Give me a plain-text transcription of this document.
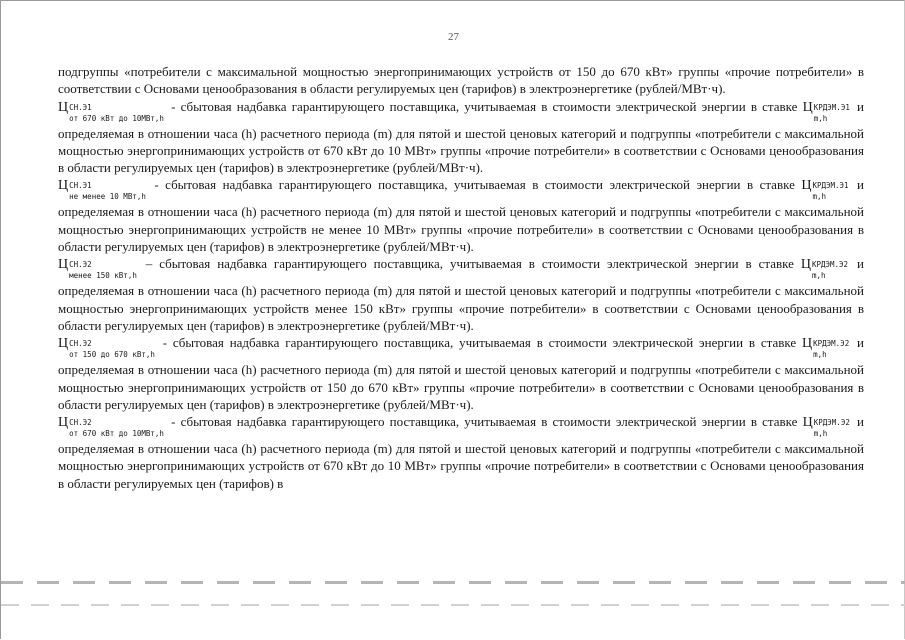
27

подгруппы «потребители с максимальной мощностью энергопринимающих устройств от 150 до 670 кВт» группы «прочие потребители» в соответствии с Основами ценообразования в области регулируемых цен (тарифов) в электроэнергетике (рублей/МВт·ч).

Ц СН.Э1
от 670 кВт до 10МВт,h
- сбытовая надбавка гарантирующего поставщика, учитываемая в стоимости электрической энергии в ставке Ц КРДЭМ.Э1
m,h
и определяемая в отношении часа (h) расчетного периода (m) для пятой и шестой ценовых категорий и подгруппы «потребители с максимальной мощностью энергопринимающих устройств от 670 кВт до 10 МВт» группы «прочие потребители» в соответствии с Основами ценообразования в области регулируемых цен (тарифов) в электроэнергетике (рублей/МВт·ч).

Ц СН.Э1
не менее 10 МВт,h
- сбытовая надбавка гарантирующего поставщика, учитываемая в стоимости электрической энергии в ставке Ц КРДЭМ.Э1
m,h
и определяемая в отношении часа (h) расчетного периода (m) для пятой и шестой ценовых категорий и подгруппы «потребители с максимальной мощностью энергопринимающих устройств не менее 10 МВт» группы «прочие потребители» в соответствии с Основами ценообразования в области регулируемых цен (тарифов) в электроэнергетике (рублей/МВт·ч).

Ц СН.Э2
менее 150 кВт,h
– сбытовая надбавка гарантирующего поставщика, учитываемая в стоимости электрической энергии в ставке Ц КРДЭМ.Э2
m,h
и определяемая в отношении часа (h) расчетного периода (m) для пятой и шестой ценовых категорий и подгруппы «потребители с максимальной мощностью энергопринимающих устройств менее 150 кВт» группы «прочие потребители» в соответствии с Основами ценообразования в области регулируемых цен (тарифов) в электроэнергетике (рублей/МВт·ч).

Ц СН.Э2
от 150 до 670 кВт,h
- сбытовая надбавка гарантирующего поставщика, учитываемая в стоимости электрической энергии в ставке Ц КРДЭМ.Э2
m,h
и определяемая в отношении часа (h) расчетного периода (m) для пятой и шестой ценовых категорий и подгруппы «потребители с максимальной мощностью энергопринимающих устройств от 150 до 670 кВт» группы «прочие потребители» в соответствии с Основами ценообразования в области регулируемых цен (тарифов) в электроэнергетике (рублей/МВт·ч).

Ц СН.Э2
от 670 кВт до 10МВт,h
- сбытовая надбавка гарантирующего поставщика, учитываемая в стоимости электрической энергии в ставке Ц КРДЭМ.Э2
m,h
и определяемая в отношении часа (h) расчетного периода (m) для пятой и шестой ценовых категорий и подгруппы «потребители с максимальной мощностью энергопринимающих устройств от 670 кВт до 10 МВт» группы «прочие потребители» в соответствии с Основами ценообразования в области регулируемых цен (тарифов) в
